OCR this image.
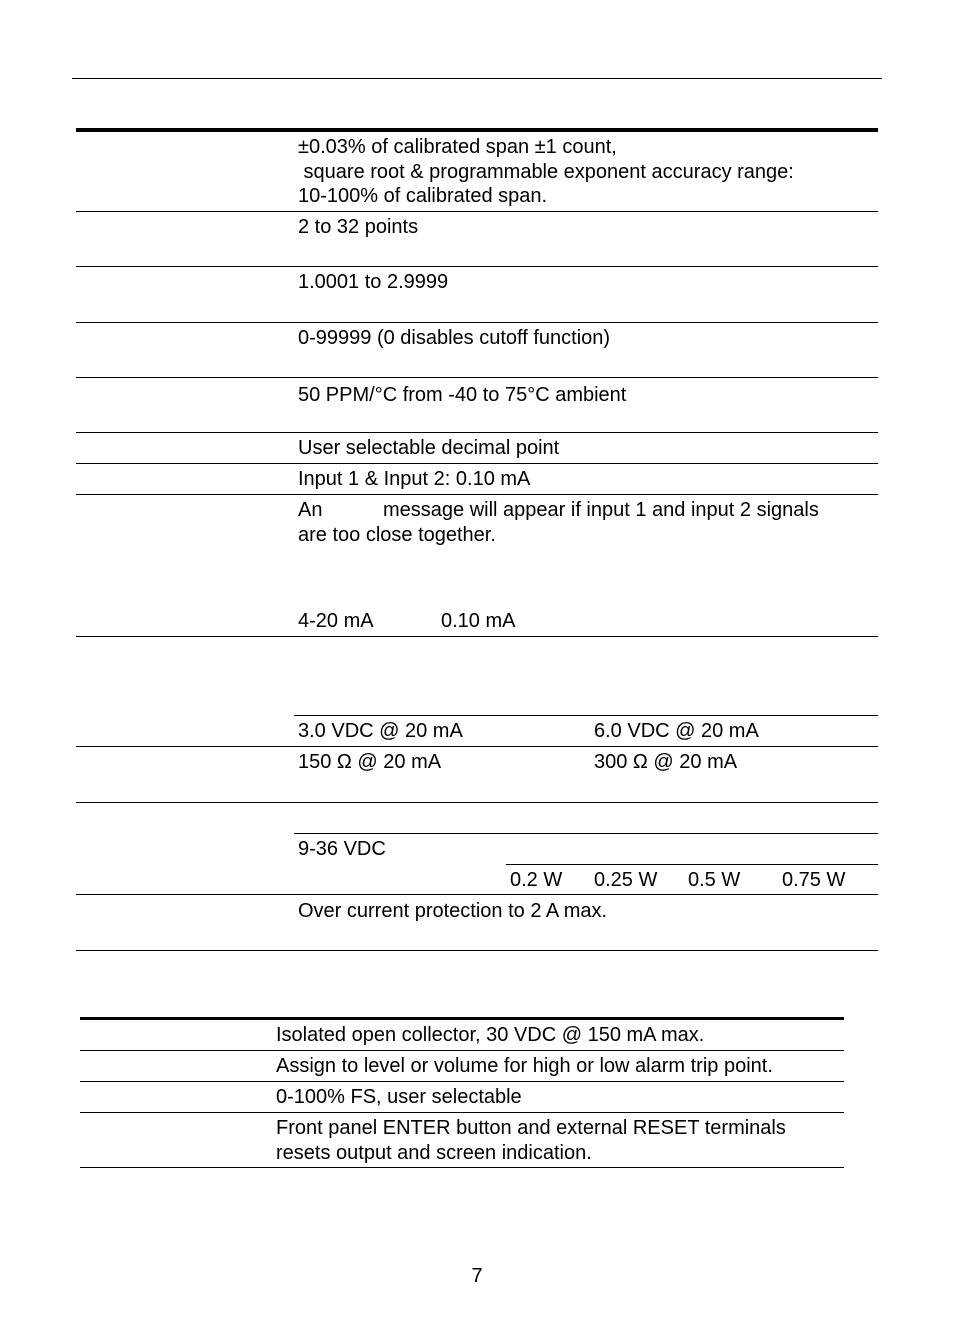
±0.03% of calibrated span ±1 count,
square root & programmable exponent accuracy range:
10-100% of calibrated span.
2 to 32 points
1.0001 to 2.9999
0-99999 (0 disables cutoff function)
50 PPM/°C from -40 to 75°C ambient
User selectable decimal point
Input 1 & Input 2: 0.10 mA
An	message will appear if input 1 and input 2 signals
are too close together.
4-20 mA	0.10 mA
3.0 VDC @ 20 mA	6.0 VDC @ 20 mA
150 Ω @ 20 mA	300 Ω @ 20 mA
9-36 VDC
0.2 W 0.25 W 0.5 W 0.75 W
Over current protection to 2 A max.
Isolated open collector, 30 VDC @ 150 mA max.
Assign to level or volume for high or low alarm trip point.
0-100% FS, user selectable
Front panel ENTER button and external RESET terminals
resets output and screen indication.
7
